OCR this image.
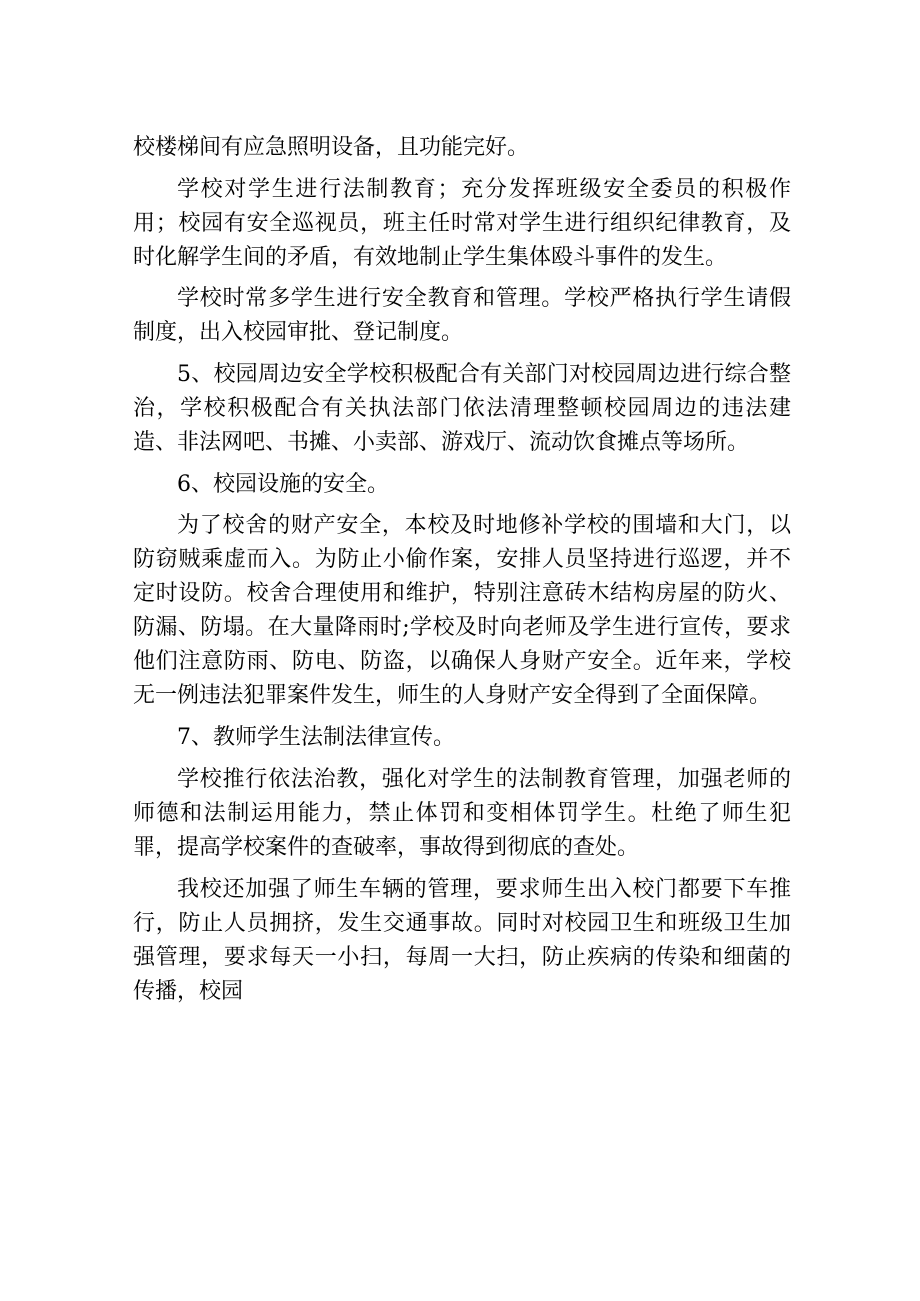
校楼梯间有应急照明设备，且功能完好。

学校对学生进行法制教育；充分发挥班级安全委员的积极作用；校园有安全巡视员，班主任时常对学生进行组织纪律教育，及时化解学生间的矛盾，有效地制止学生集体殴斗事件的发生。

学校时常多学生进行安全教育和管理。学校严格执行学生请假制度，出入校园审批、登记制度。

5、校园周边安全学校积极配合有关部门对校园周边进行综合整治，学校积极配合有关执法部门依法清理整顿校园周边的违法建造、非法网吧、书摊、小卖部、游戏厅、流动饮食摊点等场所。

6、校园设施的安全。

为了校舍的财产安全，本校及时地修补学校的围墙和大门，以防窃贼乘虚而入。为防止小偷作案，安排人员坚持进行巡逻，并不定时设防。校舍合理使用和维护，特别注意砖木结构房屋的防火、防漏、防塌。在大量降雨时;学校及时向老师及学生进行宣传，要求他们注意防雨、防电、防盗，以确保人身财产安全。近年来，学校无一例违法犯罪案件发生，师生的人身财产安全得到了全面保障。

7、教师学生法制法律宣传。

学校推行依法治教，强化对学生的法制教育管理，加强老师的师德和法制运用能力，禁止体罚和变相体罚学生。杜绝了师生犯罪，提高学校案件的查破率，事故得到彻底的查处。

我校还加强了师生车辆的管理，要求师生出入校门都要下车推行，防止人员拥挤，发生交通事故。同时对校园卫生和班级卫生加强管理，要求每天一小扫，每周一大扫，防止疾病的传染和细菌的传播，校园
